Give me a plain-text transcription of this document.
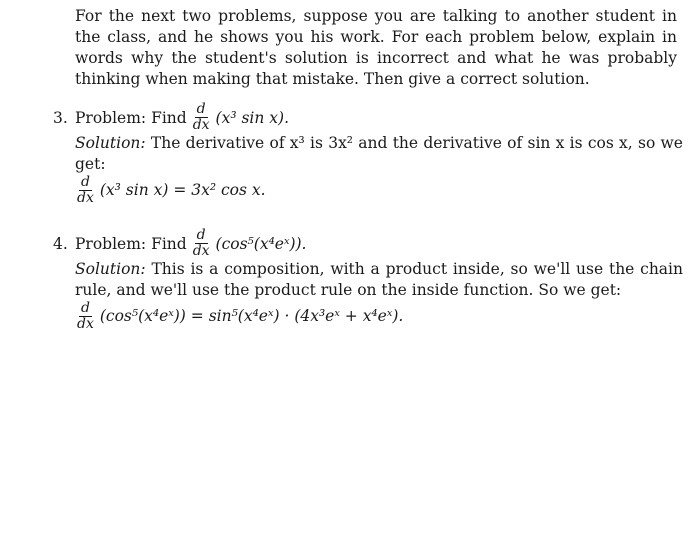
For the next two problems, suppose you are talking to another student in the class, and he shows you his work. For each problem below, explain in words why the student's solution is incorrect and what he was probably thinking when making that mistake. Then give a correct solution.

3. Problem: Find $\frac{d}{dx} (x^3$ sin x).

Solution: The derivative of x³ is 3x² and the derivative of sin x is cos x, so we get:

$\frac{d}{dx} (x^3$ sin x) = 3x² cos x.
4. Problem: Find $\frac{d}{dx}$ (cos⁵(x⁴eˣ)).

Solution: This is a composition, with a product inside, so we'll use the chain rule, and we'll use the product rule on the inside function. So we get:

$\frac{d}{dx}$ (cos⁵(x⁴eˣ)) = sin⁵(x⁴eˣ) · (4x³eˣ + x⁴eˣ).
